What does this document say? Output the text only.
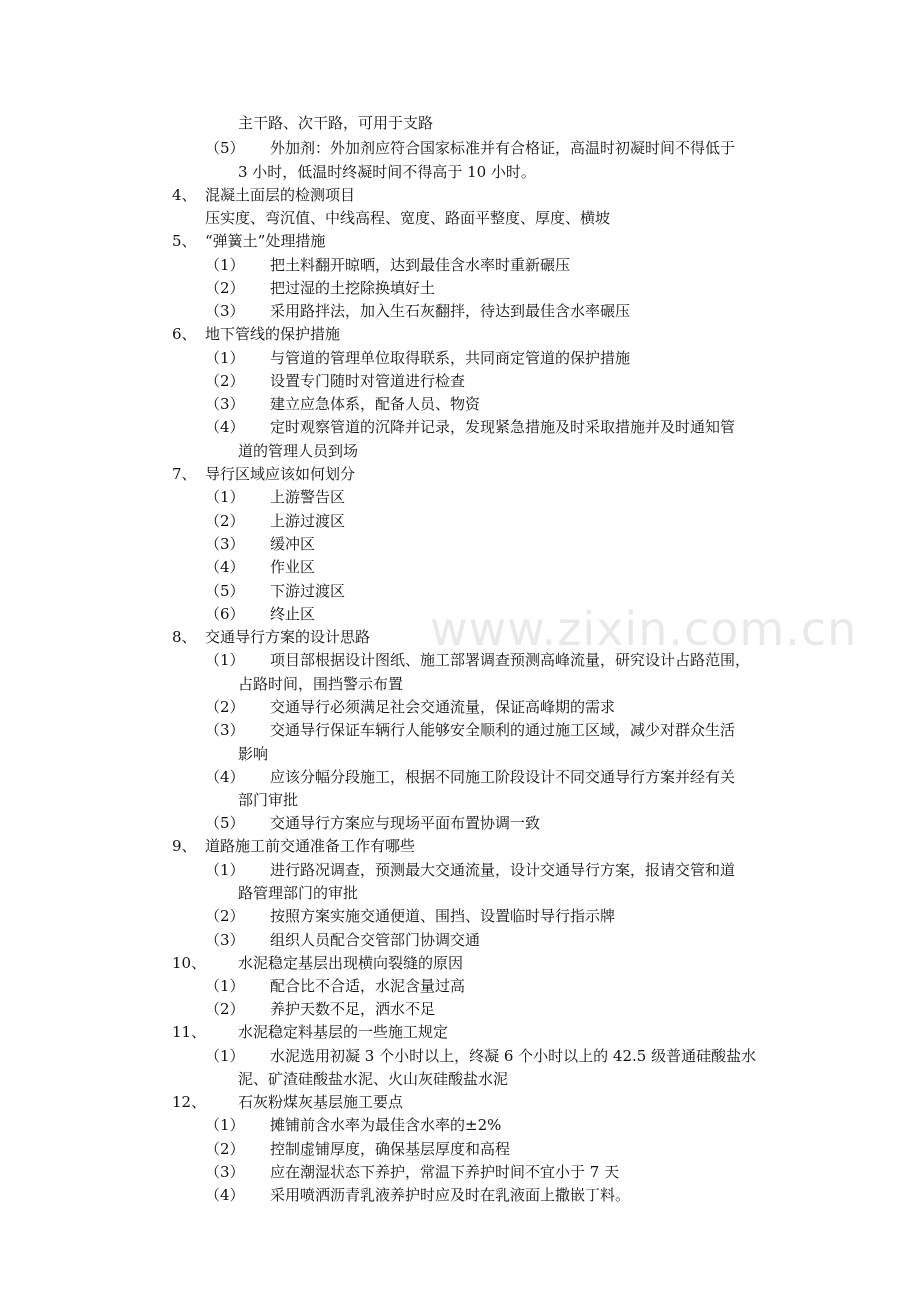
www.zixin.com.cn
主干路、次干路，可用于支路
（5） 外加剂：外加剂应符合国家标准并有合格证，高温时初凝时间不得低于
3 小时，低温时终凝时间不得高于 10 小时。
4、 混凝土面层的检测项目
压实度、弯沉值、中线高程、宽度、路面平整度、厚度、横坡
5、 “弹簧土”处理措施
（1） 把土料翻开晾晒，达到最佳含水率时重新碾压
（2） 把过湿的土挖除换填好土
（3） 采用路拌法，加入生石灰翻拌，待达到最佳含水率碾压
6、 地下管线的保护措施
（1） 与管道的管理单位取得联系，共同商定管道的保护措施
（2） 设置专门随时对管道进行检查
（3） 建立应急体系，配备人员、物资
（4） 定时观察管道的沉降并记录，发现紧急措施及时采取措施并及时通知管
道的管理人员到场
7、 导行区域应该如何划分
（1） 上游警告区
（2） 上游过渡区
（3） 缓冲区
（4） 作业区
（5） 下游过渡区
（6） 终止区
8、 交通导行方案的设计思路
（1） 项目部根据设计图纸、施工部署调查预测高峰流量，研究设计占路范围，
占路时间，围挡警示布置
（2） 交通导行必须满足社会交通流量，保证高峰期的需求
（3） 交通导行保证车辆行人能够安全顺利的通过施工区域，减少对群众生活
影响
（4） 应该分幅分段施工，根据不同施工阶段设计不同交通导行方案并经有关
部门审批
（5） 交通导行方案应与现场平面布置协调一致
9、 道路施工前交通准备工作有哪些
（1） 进行路况调查，预测最大交通流量，设计交通导行方案，报请交管和道
路管理部门的审批
（2） 按照方案实施交通便道、围挡、设置临时导行指示牌
（3） 组织人员配合交管部门协调交通
10、 水泥稳定基层出现横向裂缝的原因
（1） 配合比不合适，水泥含量过高
（2） 养护天数不足，洒水不足
11、 水泥稳定料基层的一些施工规定
（1） 水泥选用初凝 3 个小时以上，终凝 6 个小时以上的 42.5 级普通硅酸盐水
泥、矿渣硅酸盐水泥、火山灰硅酸盐水泥
12、 石灰粉煤灰基层施工要点
（1） 摊铺前含水率为最佳含水率的±2%
（2） 控制虚铺厚度，确保基层厚度和高程
（3） 应在潮湿状态下养护，常温下养护时间不宜小于 7 天
（4） 采用喷洒沥青乳液养护时应及时在乳液面上撒嵌丁料。
